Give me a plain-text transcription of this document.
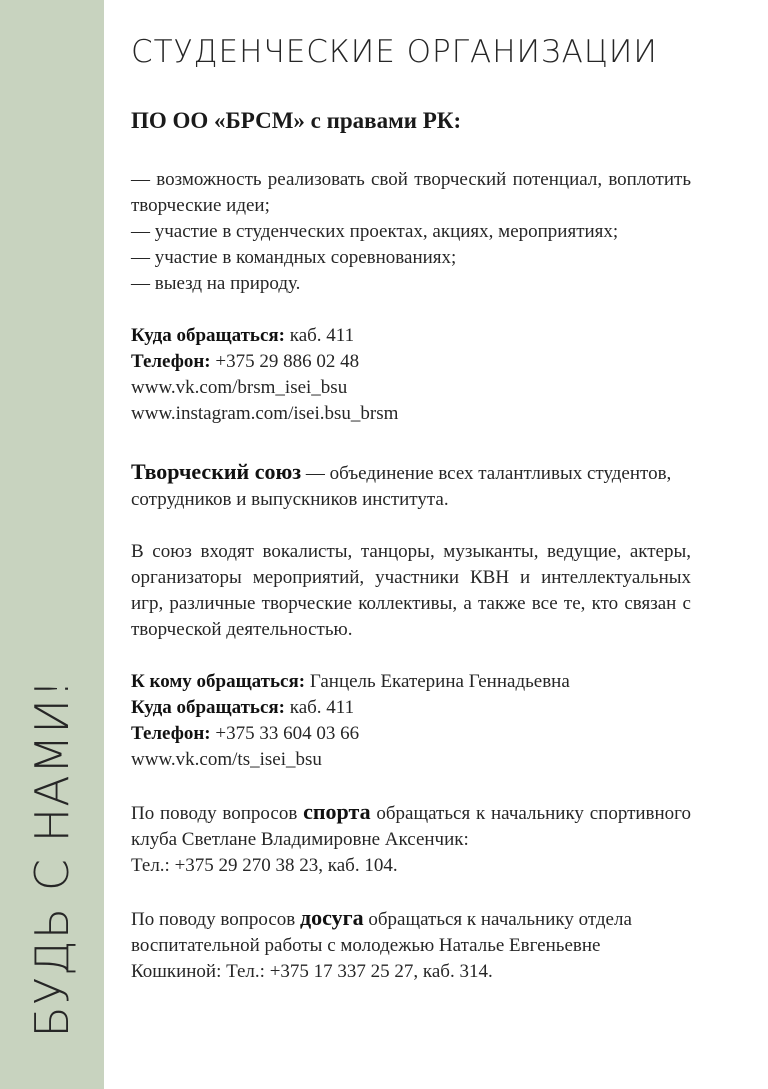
БУДЬ С НАМИ!
СТУДЕНЧЕСКИЕ ОРГАНИЗАЦИИ
ПО ОО «БРСМ» с правами РК:

— возможность реализовать свой творческий потенциал, воплотить творческие идеи;

— участие в студенческих проектах, акциях, мероприятиях;
— участие в командных соревнованиях;
— выезд на природу.
Куда обращаться: каб. 411
Телефон: +375 29 886 02 48
www.vk.com/brsm_isei_bsu
www.instagram.com/isei.bsu_brsm

Творческий союз — объединение всех талантливых студентов, сотрудников и выпускников института.

В союз входят вокалисты, танцоры, музыканты, ведущие, актеры, организаторы мероприятий, участники КВН и интеллектуальных игр, различные творческие коллективы, а также все те, кто связан с творческой деятельностью.

К кому обращаться: Ганцель Екатерина Геннадьевна
Куда обращаться: каб. 411
Телефон: +375 33 604 03 66
www.vk.com/ts_isei_bsu

По поводу вопросов спорта обращаться к начальнику спортивного клуба Светлане Владимировне Аксенчик:

Тел.: +375 29 270 38 23, каб. 104.

По поводу вопросов досуга обращаться к начальнику отдела воспитательной работы с молодежью Наталье Евгеньевне Кошкиной: Тел.: +375 17 337 25 27, каб. 314.
